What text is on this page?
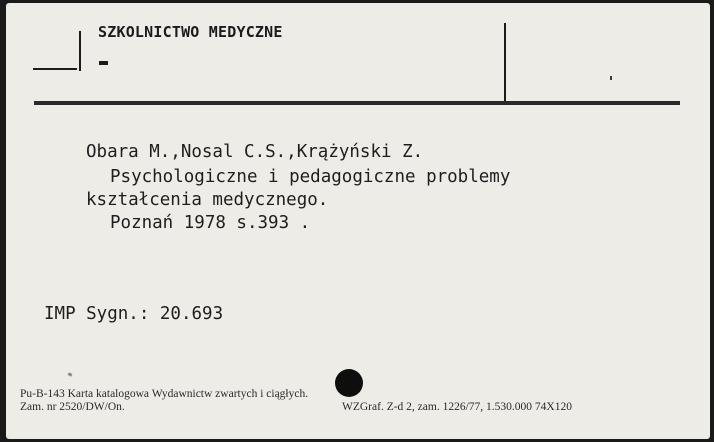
SZKOLNICTWO MEDYCZNE
Obara M.,Nosal C.S.,Krążyński Z.
Psychologiczne i pedagogiczne problemy
kształcenia medycznego.
Poznań 1978 s.393 .
IMP Sygn.: 20.693
Pu-B-143 Karta katalogowa Wydawnictw zwartych i ciągłych.
Zam. nr 2520/DW/On.	WZGraf. Z-d 2, zam. 1226/77, 1.530.000 74X120
